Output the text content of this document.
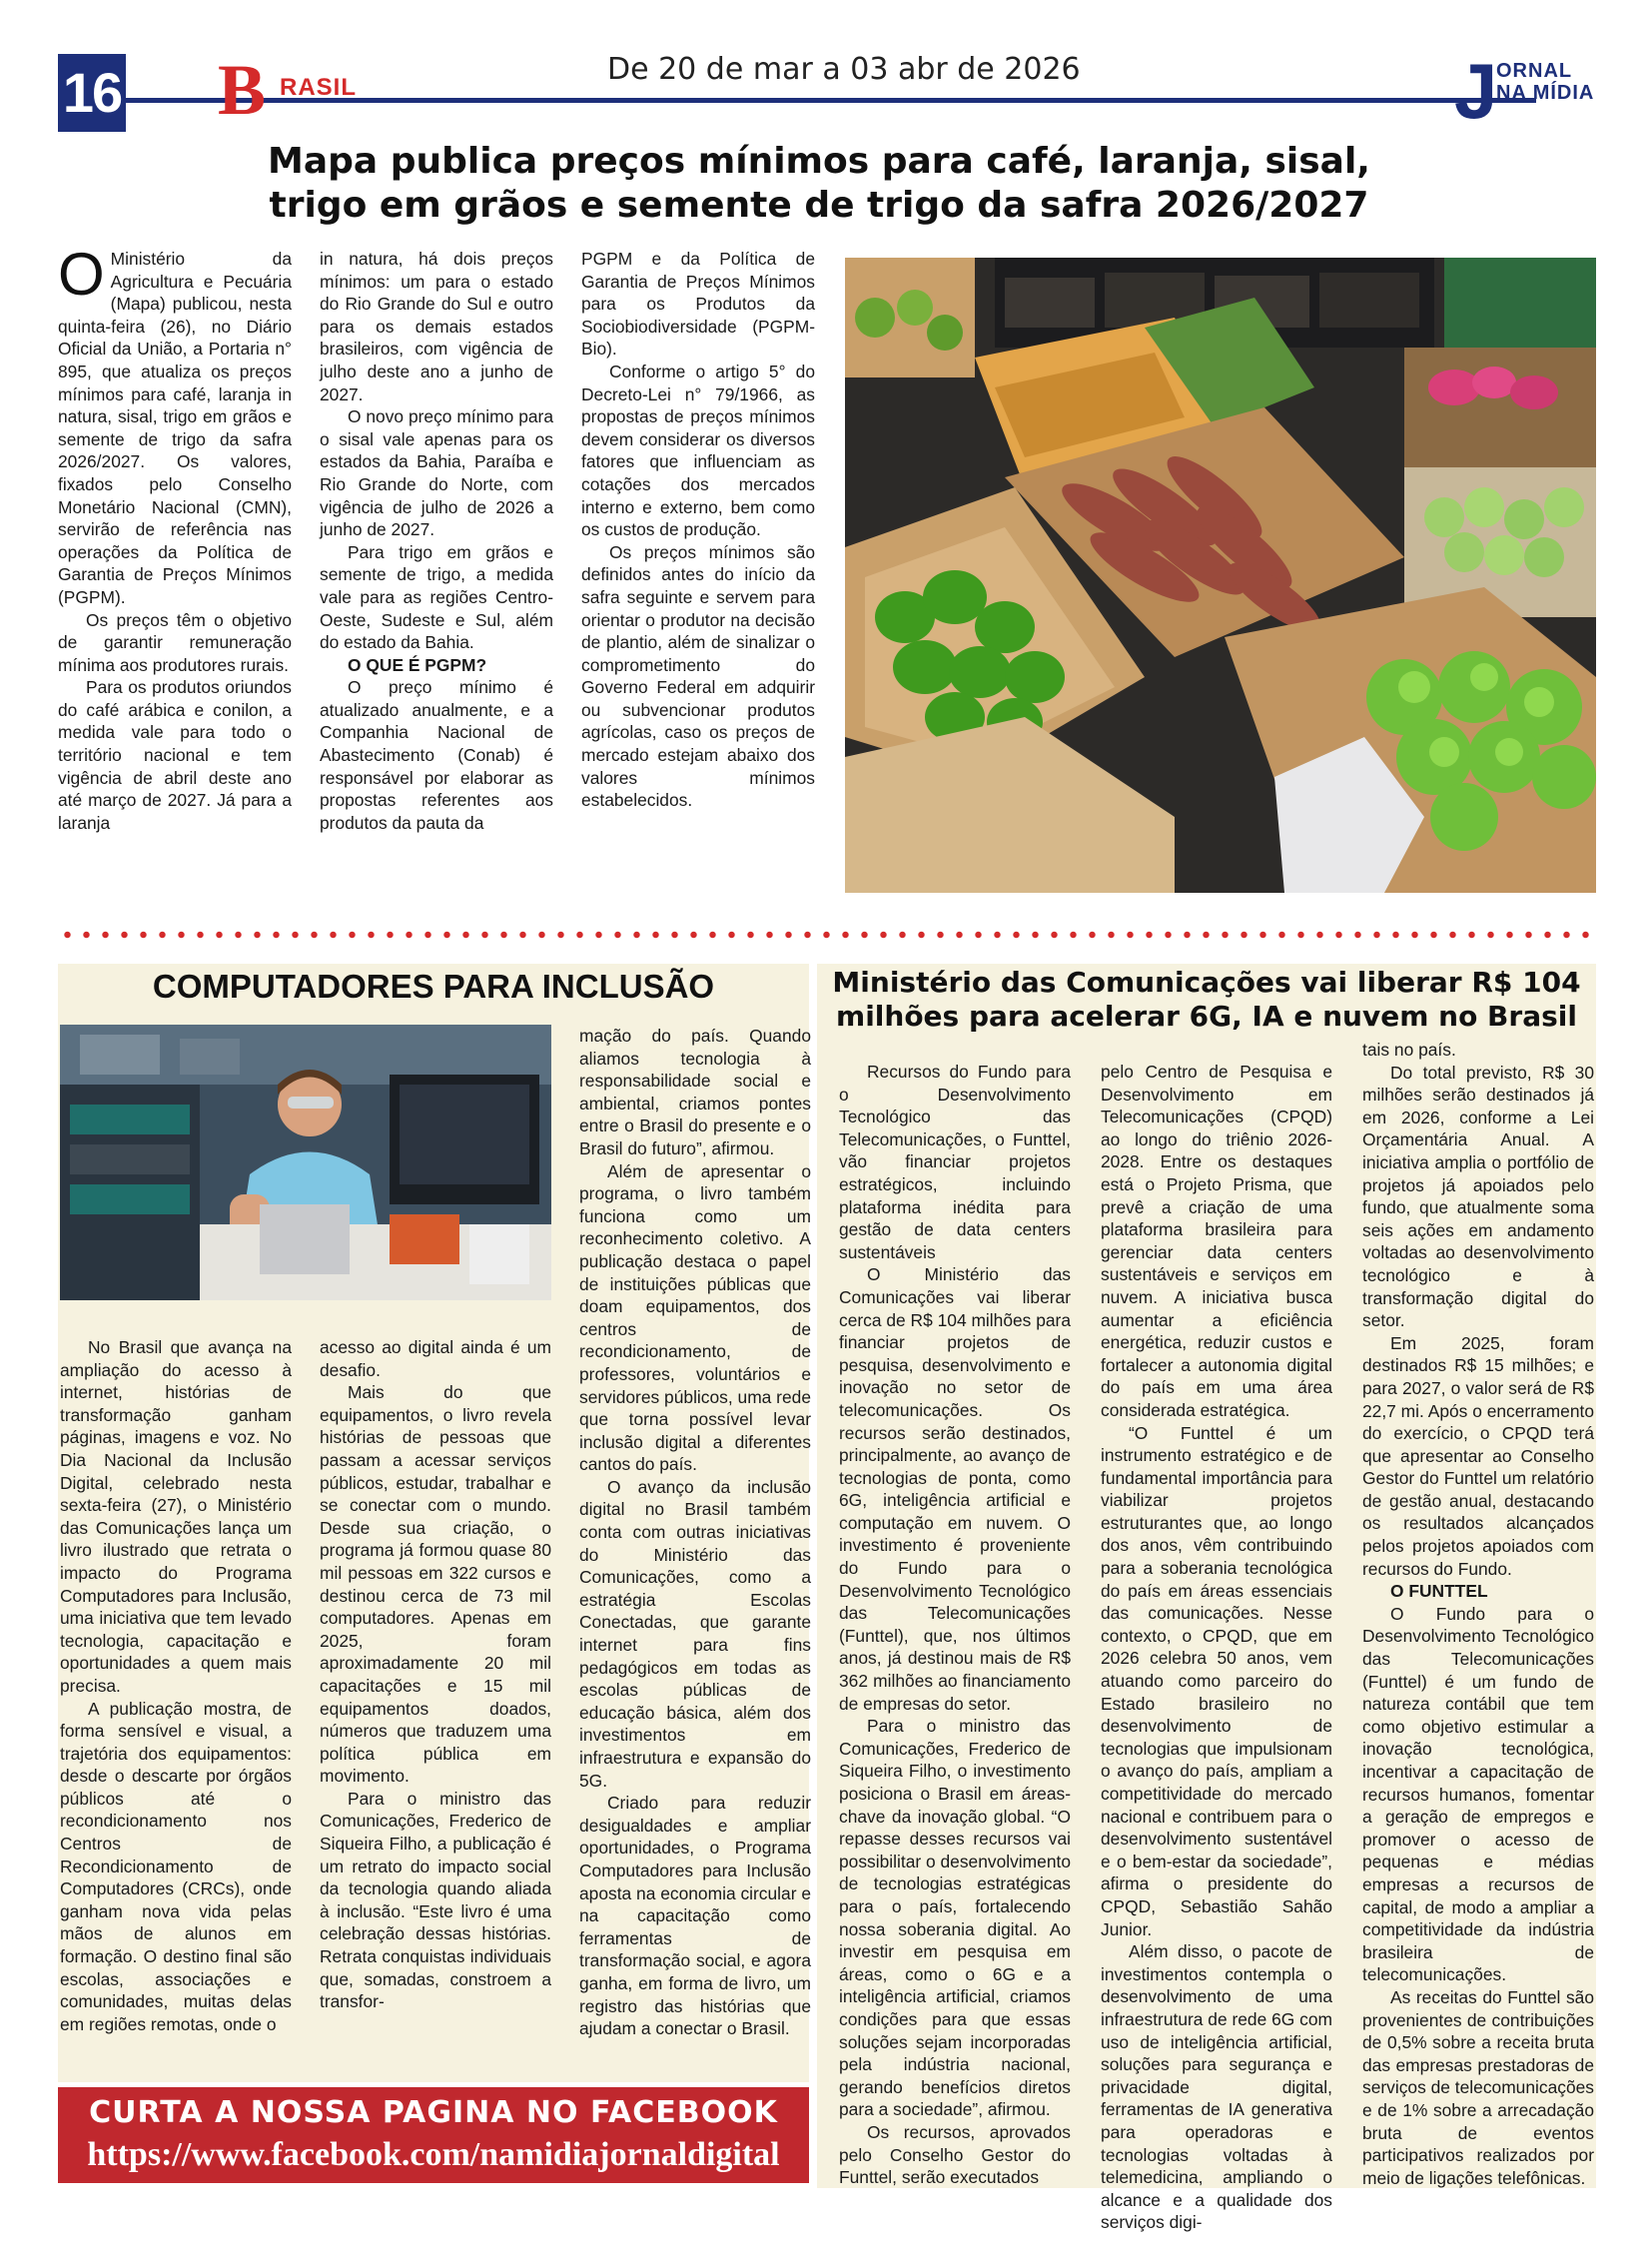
16 B RASIL
De 20 de mar a 03 abr de 2026	J
ORNAL
NA MÍDIA
Mapa publica preços mínimos para café, laranja, sisal,
trigo em grãos e semente de trigo da safra 2026/2027

O Ministério da Agricultura e Pecuária (Mapa) publicou, nesta quinta-feira (26), no Diário Oficial da União, a Portaria n° 895, que atualiza os preços mínimos para café, laranja in natura, sisal, trigo em grãos e semente de trigo da safra 2026/2027. Os valores, fixados pelo Conselho Monetário Nacional (CMN), servirão de referência nas operações da Política de Garantia de Preços Mínimos (PGPM).

Os preços têm o objetivo de garantir remuneração mínima aos produtores rurais.

Para os produtos oriundos do café arábica e conilon, a medida vale para todo o território nacional e tem vigência de abril deste ano até março de 2027. Já para a laranja

in natura, há dois preços mínimos: um para o estado do Rio Grande do Sul e outro para os demais estados brasileiros, com vigência de julho deste ano a junho de 2027.

O novo preço mínimo para o sisal vale apenas para os estados da Bahia, Paraíba e Rio Grande do Norte, com vigência de julho de 2026 a junho de 2027.

Para trigo em grãos e semente de trigo, a medida vale para as regiões Centro-Oeste, Sudeste e Sul, além do estado da Bahia.

O QUE É PGPM?

O preço mínimo é atualizado anualmente, e a Companhia Nacional de Abastecimento (Conab) é responsável por elaborar as propostas referentes aos produtos da pauta da

PGPM e da Política de Garantia de Preços Mínimos para os Produtos da Sociobiodiversidade (PGPM-Bio).

Conforme o artigo 5° do Decreto-Lei n° 79/1966, as propostas de preços mínimos devem considerar os diversos fatores que influenciam as cotações dos mercados interno e externo, bem como os custos de produção.

Os preços mínimos são definidos antes do início da safra seguinte e servem para orientar o produtor na decisão de plantio, além de sinalizar o comprometimento do Governo Federal em adquirir ou subvencionar produtos agrícolas, caso os preços de mercado estejam abaixo dos valores mínimos estabelecidos.

COMPUTADORES PARA INCLUSÃO

No Brasil que avança na ampliação do acesso à internet, histórias de transformação ganham páginas, imagens e voz. No Dia Nacional da Inclusão Digital, celebrado nesta sexta-feira (27), o Ministério das Comunicações lança um livro ilustrado que retrata o impacto do Programa Computadores para Inclusão, uma iniciativa que tem levado tecnologia, capacitação e oportunidades a quem mais precisa.

A publicação mostra, de forma sensível e visual, a trajetória dos equipamentos: desde o descarte por órgãos públicos até o recondicionamento nos Centros de Recondicionamento de Computadores (CRCs), onde ganham nova vida pelas mãos de alunos em formação. O destino final são escolas, associações e comunidades, muitas delas em regiões remotas, onde o

acesso ao digital ainda é um desafio.

Mais do que equipamentos, o livro revela histórias de pessoas que passam a acessar serviços públicos, estudar, trabalhar e se conectar com o mundo. Desde sua criação, o programa já formou quase 80 mil pessoas em 322 cursos e destinou cerca de 73 mil computadores. Apenas em 2025, foram aproximadamente 20 mil capacitações e 15 mil equipamentos doados, números que traduzem uma política pública em movimento.

Para o ministro das Comunicações, Frederico de Siqueira Filho, a publicação é um retrato do impacto social da tecnologia quando aliada à inclusão. “Este livro é uma celebração dessas histórias. Retrata conquistas individuais que, somadas, constroem a transfor-

mação do país. Quando aliamos tecnologia à responsabilidade social e ambiental, criamos pontes entre o Brasil do presente e o Brasil do futuro”, afirmou.

Além de apresentar o programa, o livro também funciona como um reconhecimento coletivo. A publicação destaca o papel de instituições públicas que doam equipamentos, dos centros de recondicionamento, de professores, voluntários e servidores públicos, uma rede que torna possível levar inclusão digital a diferentes cantos do país.

O avanço da inclusão digital no Brasil também conta com outras iniciativas do Ministério das Comunicações, como a estratégia Escolas Conectadas, que garante internet para fins pedagógicos em todas as escolas públicas de educação básica, além dos investimentos em infraestrutura e expansão do 5G.

Criado para reduzir desigualdades e ampliar oportunidades, o Programa Computadores para Inclusão aposta na economia circular e na capacitação como ferramentas de transformação social, e agora ganha, em forma de livro, um registro das histórias que ajudam a conectar o Brasil.

CURTA A NOSSA PAGINA NO FACEBOOK
https://www.facebook.com/namidiajornaldigital
Ministério das Comunicações vai liberar R$ 104
milhões para acelerar 6G, IA e nuvem no Brasil

Recursos do Fundo para o Desenvolvimento Tecnológico das Telecomunicações, o Funttel, vão financiar projetos estratégicos, incluindo plataforma inédita para gestão de data centers sustentáveis

O Ministério das Comunicações vai liberar cerca de R$ 104 milhões para financiar projetos de pesquisa, desenvolvimento e inovação no setor de telecomunicações. Os recursos serão destinados, principalmente, ao avanço de tecnologias de ponta, como 6G, inteligência artificial e computação em nuvem. O investimento é proveniente do Fundo para o Desenvolvimento Tecnológico das Telecomunicações (Funttel), que, nos últimos anos, já destinou mais de R$ 362 milhões ao financiamento de empresas do setor.

Para o ministro das Comunicações, Frederico de Siqueira Filho, o investimento posiciona o Brasil em áreas-chave da inovação global. “O repasse desses recursos vai possibilitar o desenvolvimento de tecnologias estratégicas para o país, fortalecendo nossa soberania digital. Ao investir em pesquisa em áreas, como o 6G e a inteligência artificial, criamos condições para que essas soluções sejam incorporadas pela indústria nacional, gerando benefícios diretos para a sociedade”, afirmou.

Os recursos, aprovados pelo Conselho Gestor do Funttel, serão executados

pelo Centro de Pesquisa e Desenvolvimento em Telecomunicações (CPQD) ao longo do triênio 2026-2028. Entre os destaques está o Projeto Prisma, que prevê a criação de uma plataforma brasileira para gerenciar data centers sustentáveis e serviços em nuvem. A iniciativa busca aumentar a eficiência energética, reduzir custos e fortalecer a autonomia digital do país em uma área considerada estratégica.

“O Funttel é um instrumento estratégico e de fundamental importância para viabilizar projetos estruturantes que, ao longo dos anos, vêm contribuindo para a soberania tecnológica do país em áreas essenciais das comunicações. Nesse contexto, o CPQD, que em 2026 celebra 50 anos, vem atuando como parceiro do Estado brasileiro no desenvolvimento de tecnologias que impulsionam o avanço do país, ampliam a competitividade do mercado nacional e contribuem para o desenvolvimento sustentável e o bem-estar da sociedade”, afirma o presidente do CPQD, Sebastião Sahão Junior.

Além disso, o pacote de investimentos contempla o desenvolvimento de uma infraestrutura de rede 6G com uso de inteligência artificial, soluções para segurança e privacidade digital, ferramentas de IA generativa para operadoras e tecnologias voltadas à telemedicina, ampliando o alcance e a qualidade dos serviços digi-

tais no país.

Do total previsto, R$ 30 milhões serão destinados já em 2026, conforme a Lei Orçamentária Anual. A iniciativa amplia o portfólio de projetos já apoiados pelo fundo, que atualmente soma seis ações em andamento voltadas ao desenvolvimento tecnológico e à transformação digital do setor.

Em 2025, foram destinados R$ 15 milhões; e para 2027, o valor será de R$ 22,7 mi. Após o encerramento do exercício, o CPQD terá que apresentar ao Conselho Gestor do Funttel um relatório de gestão anual, destacando os resultados alcançados pelos projetos apoiados com recursos do Fundo.

O FUNTTEL

O Fundo para o Desenvolvimento Tecnológico das Telecomunicações (Funttel) é um fundo de natureza contábil que tem como objetivo estimular a inovação tecnológica, incentivar a capacitação de recursos humanos, fomentar a geração de empregos e promover o acesso de pequenas e médias empresas a recursos de capital, de modo a ampliar a competitividade da indústria brasileira de telecomunicações.

As receitas do Funttel são provenientes de contribuições de 0,5% sobre a receita bruta das empresas prestadoras de serviços de telecomunicações e de 1% sobre a arrecadação bruta de eventos participativos realizados por meio de ligações telefônicas.
